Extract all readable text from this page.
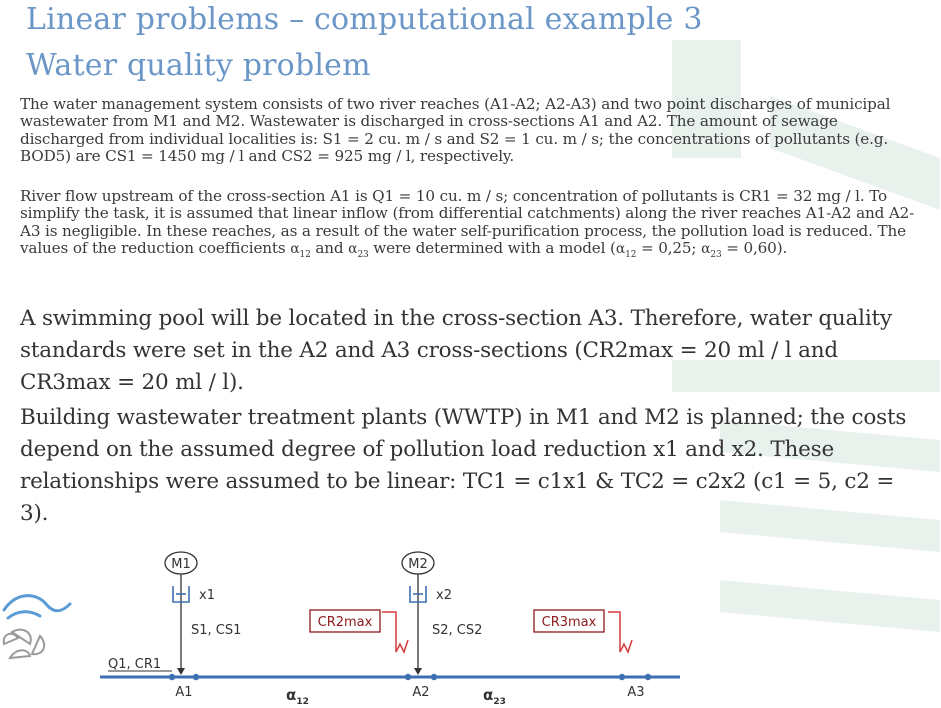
Linear problems – computational example 3
Water quality problem

The water management system consists of two river reaches (A1-A2; A2-A3) and two point discharges of municipal wastewater from M1 and M2. Wastewater is discharged in cross-sections A1 and A2. The amount of sewage discharged from individual localities is: S1 = 2 cu. m / s and S2 = 1 cu. m / s; the concentrations of pollutants (e.g. BOD5) are CS1 = 1450 mg / l and CS2 = 925 mg / l, respectively.

River flow upstream of the cross-section A1 is Q1 = 10 cu. m / s; concentration of pollutants is CR1 = 32 mg / l. To simplify the task, it is assumed that linear inflow (from differential catchments) along the river reaches A1-A2 and A2-A3 is negligible. In these reaches, as a result of the water self-purification process, the pollution load is reduced. The values of the reduction coefficients $\alpha_{12}$ and $\alpha_{23}$ were determined with a model ($\alpha_{12} = 0,25$; $\alpha_{23} = 0,60$).

A swimming pool will be located in the cross-section A3. Therefore, water quality standards were set in the A2 and A3 cross-sections (CR2max = 20 ml / l and CR3max = 20 ml / l).

Building wastewater treatment plants (WWTP) in M1 and M2 is planned; the costs depend on the assumed degree of pollution load reduction x1 and x2. These relationships were assumed to be linear: TC1 = c1x1 & TC2 = c2x2 (c1 = 5, c2 = 3).

M1
x1
S1, CS1
Q1, CR1
CR2max
M2
x2
S2, CS2
CR3max
A1	A2	A3
$\alpha_{12}$	$\alpha_{23}$
